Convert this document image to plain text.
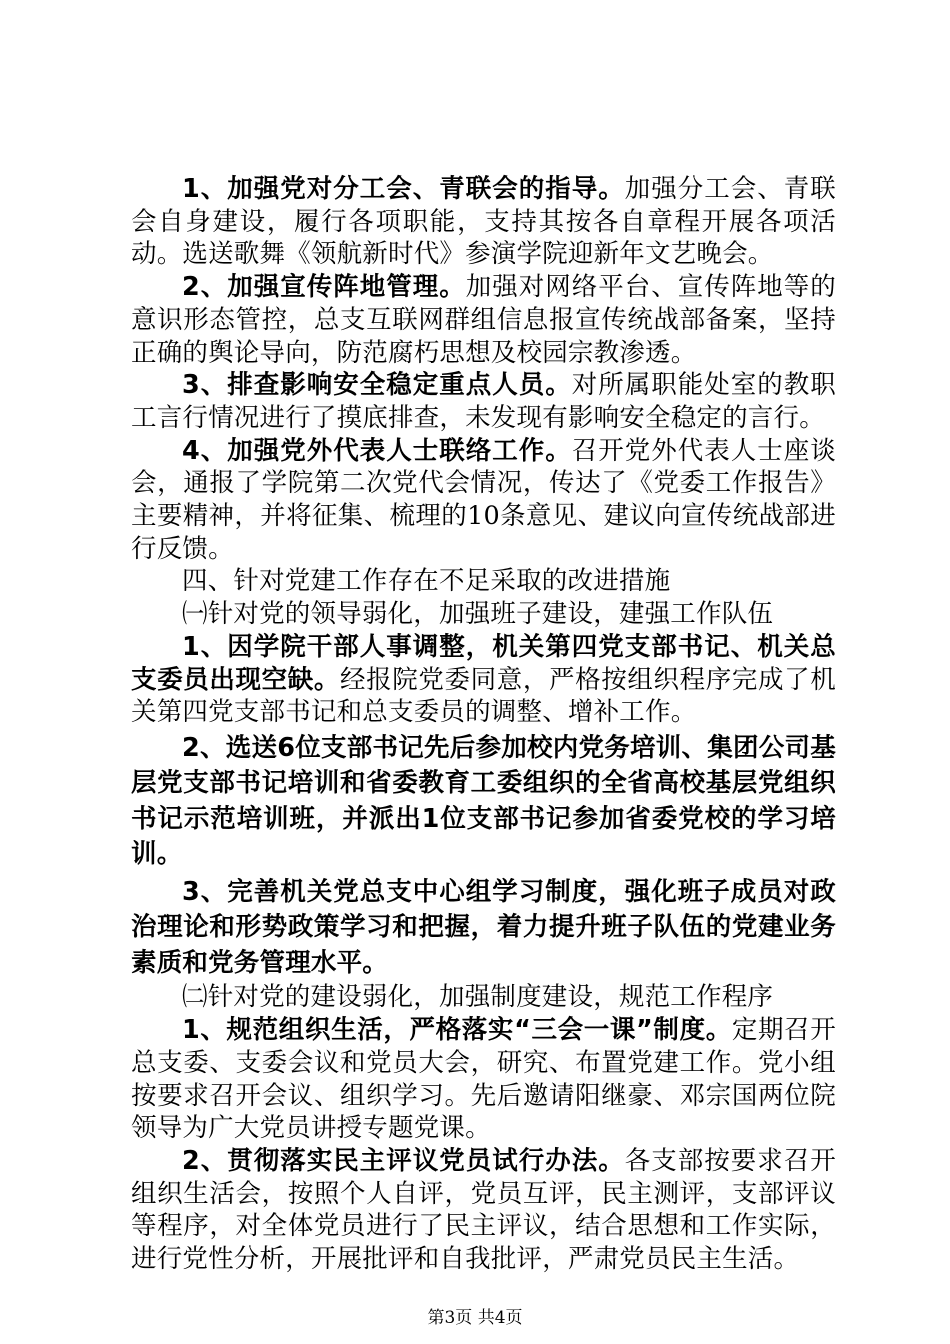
1、加强党对分工会、青联会的指导。加强分工会、青联会自身建设，履行各项职能，支持其按各自章程开展各项活动。选送歌舞《领航新时代》参演学院迎新年文艺晚会。

2、加强宣传阵地管理。加强对网络平台、宣传阵地等的意识形态管控，总支互联网群组信息报宣传统战部备案，坚持正确的舆论导向，防范腐朽思想及校园宗教渗透。

3、排查影响安全稳定重点人员。对所属职能处室的教职工言行情况进行了摸底排查，未发现有影响安全稳定的言行。

4、加强党外代表人士联络工作。召开党外代表人士座谈会，通报了学院第二次党代会情况，传达了《党委工作报告》主要精神，并将征集、梳理的10条意见、建议向宣传统战部进行反馈。

四、针对党建工作存在不足采取的改进措施

㈠针对党的领导弱化，加强班子建设，建强工作队伍

1、因学院干部人事调整，机关第四党支部书记、机关总支委员出现空缺。经报院党委同意，严格按组织程序完成了机关第四党支部书记和总支委员的调整、增补工作。

2、选送6位支部书记先后参加校内党务培训、集团公司基层党支部书记培训和省委教育工委组织的全省高校基层党组织书记示范培训班，并派出1位支部书记参加省委党校的学习培训。

3、完善机关党总支中心组学习制度，强化班子成员对政治理论和形势政策学习和把握，着力提升班子队伍的党建业务素质和党务管理水平。

㈡针对党的建设弱化，加强制度建设，规范工作程序

1、规范组织生活，严格落实“三会一课”制度。定期召开总支委、支委会议和党员大会，研究、布置党建工作。党小组按要求召开会议、组织学习。先后邀请阳继豪、邓宗国两位院领导为广大党员讲授专题党课。

2、贯彻落实民主评议党员试行办法。各支部按要求召开组织生活会，按照个人自评，党员互评，民主测评，支部评议等程序，对全体党员进行了民主评议，结合思想和工作实际，进行党性分析，开展批评和自我批评，严肃党员民主生活。

第3页 共4页
